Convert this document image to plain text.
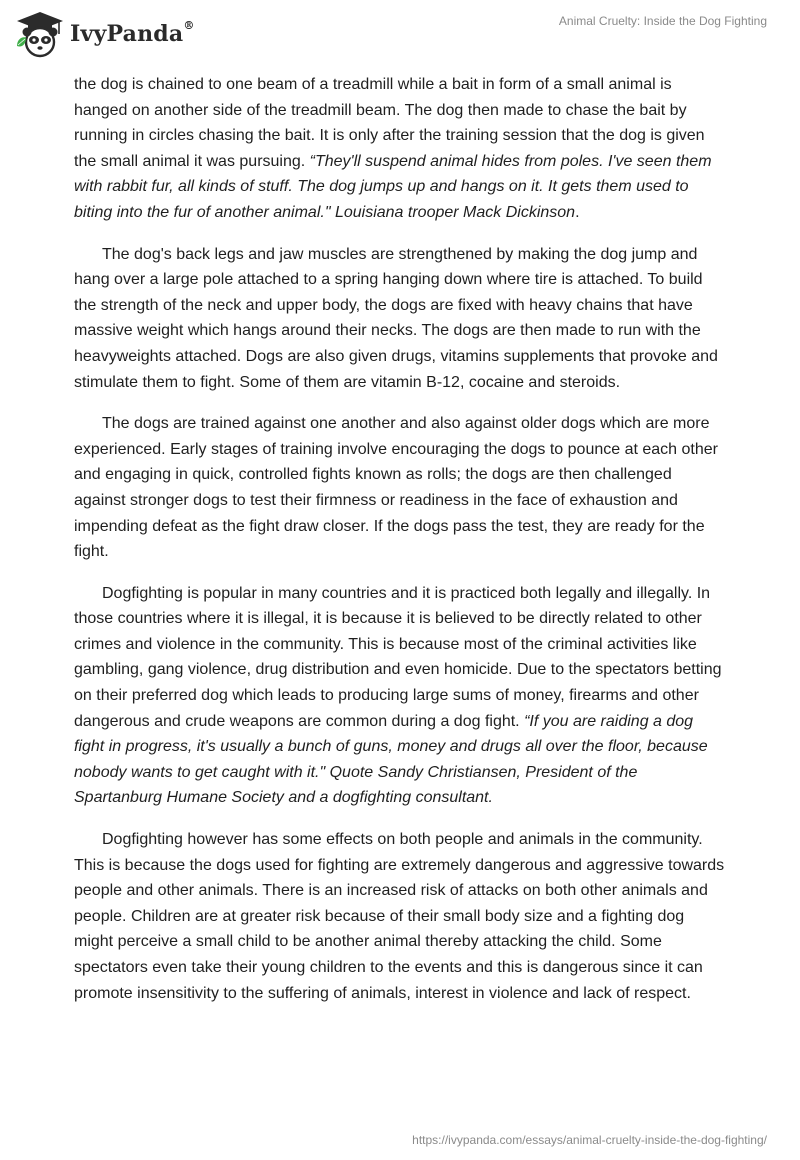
IvyPanda®	Animal Cruelty: Inside the Dog Fighting

the dog is chained to one beam of a treadmill while a bait in form of a small animal is hanged on another side of the treadmill beam. The dog then made to chase the bait by running in circles chasing the bait. It is only after the training session that the dog is given the small animal it was pursuing. “They'll suspend animal hides from poles. I've seen them with rabbit fur, all kinds of stuff. The dog jumps up and hangs on it. It gets them used to biting into the fur of another animal." Louisiana trooper Mack Dickinson.

The dog's back legs and jaw muscles are strengthened by making the dog jump and hang over a large pole attached to a spring hanging down where tire is attached. To build the strength of the neck and upper body, the dogs are fixed with heavy chains that have massive weight which hangs around their necks. The dogs are then made to run with the heavyweights attached. Dogs are also given drugs, vitamins supplements that provoke and stimulate them to fight. Some of them are vitamin B-12, cocaine and steroids.

The dogs are trained against one another and also against older dogs which are more experienced. Early stages of training involve encouraging the dogs to pounce at each other and engaging in quick, controlled fights known as rolls; the dogs are then challenged against stronger dogs to test their firmness or readiness in the face of exhaustion and impending defeat as the fight draw closer. If the dogs pass the test, they are ready for the fight.

Dogfighting is popular in many countries and it is practiced both legally and illegally. In those countries where it is illegal, it is because it is believed to be directly related to other crimes and violence in the community. This is because most of the criminal activities like gambling, gang violence, drug distribution and even homicide. Due to the spectators betting on their preferred dog which leads to producing large sums of money, firearms and other dangerous and crude weapons are common during a dog fight. “If you are raiding a dog fight in progress, it's usually a bunch of guns, money and drugs all over the floor, because nobody wants to get caught with it." Quote Sandy Christiansen, President of the Spartanburg Humane Society and a dogfighting consultant.

Dogfighting however has some effects on both people and animals in the community. This is because the dogs used for fighting are extremely dangerous and aggressive towards people and other animals. There is an increased risk of attacks on both other animals and people. Children are at greater risk because of their small body size and a fighting dog might perceive a small child to be another animal thereby attacking the child. Some spectators even take their young children to the events and this is dangerous since it can promote insensitivity to the suffering of animals, interest in violence and lack of respect.

https://ivypanda.com/essays/animal-cruelty-inside-the-dog-fighting/
